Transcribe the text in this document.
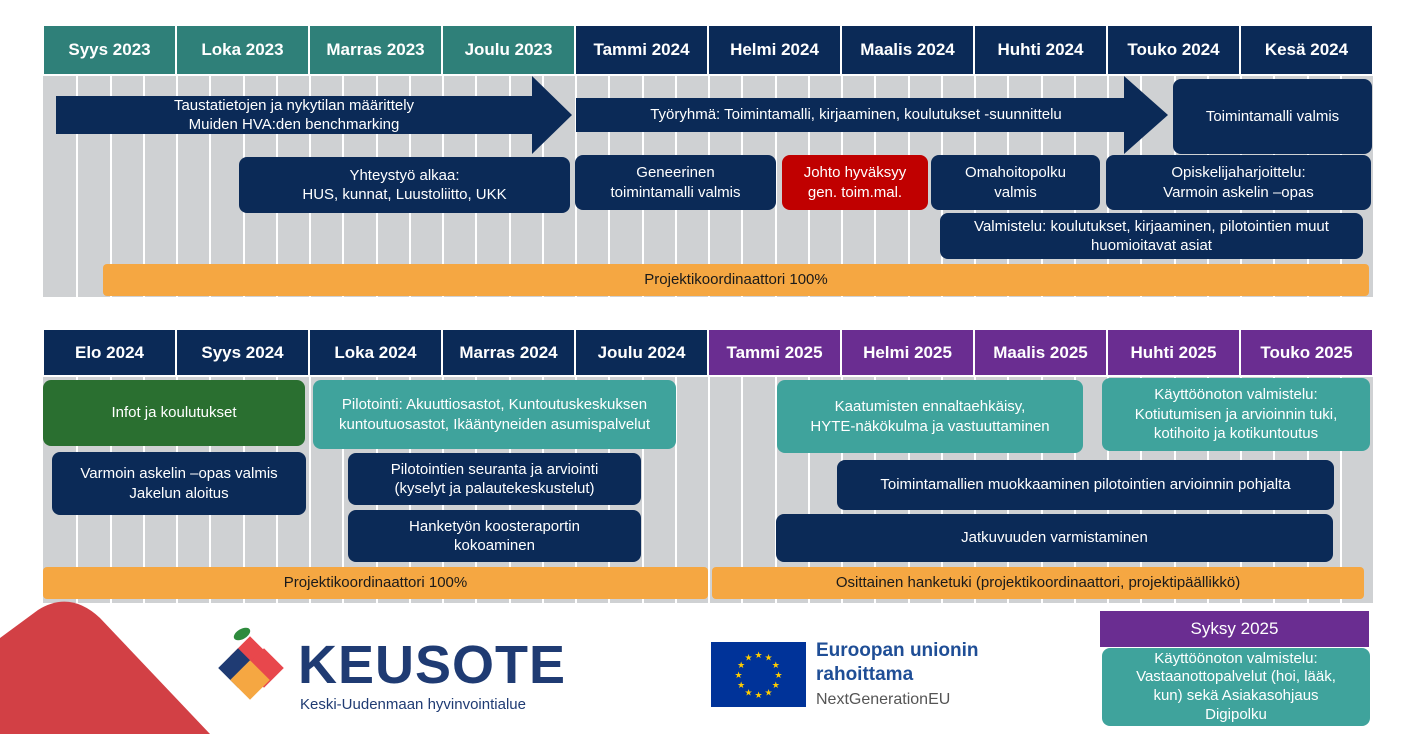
Syys 2023	Loka 2023	Marras 2023	Joulu 2023	Tammi 2024	Helmi 2024	Maalis 2024	Huhti 2024	Touko 2024	Kesä 2024
Taustatietojen ja nykytilan määrittely
Muiden HVA:den benchmarking
Työryhmä: Toimintamalli, kirjaaminen, koulutukset -suunnittelu	Toimintamalli valmis
Yhteystyö alkaa:
HUS, kunnat, Luustoliitto, UKK
Geneerinen
toimintamalli valmis
Johto hyväksyy
gen. toim.mal.
Omahoitopolku
valmis
Opiskelijaharjoittelu:
Varmoin askelin –opas
Valmistelu: koulutukset, kirjaaminen, pilotointien muut
huomioitavat asiat
Projektikoordinaattori 100%
Elo 2024	Syys 2024	Loka 2024	Marras 2024	Joulu 2024	Tammi 2025	Helmi 2025	Maalis 2025	Huhti 2025	Touko 2025
Infot ja koulutukset
Varmoin askelin –opas valmis
Jakelun aloitus
Pilotointi: Akuuttiosastot, Kuntoutuskeskuksen
kuntoutuosastot, Ikääntyneiden asumispalvelut
Pilotointien seuranta ja arviointi
(kyselyt ja palautekeskustelut)
Hanketyön koosteraportin
kokoaminen
Kaatumisten ennaltaehkäisy,
HYTE-näkökulma ja vastuuttaminen
Käyttöönoton valmistelu:
Kotiutumisen ja arvioinnin tuki,
kotihoito ja kotikuntoutus
Toimintamallien muokkaaminen pilotointien arvioinnin pohjalta
Jatkuvuuden varmistaminen
Projektikoordinaattori 100%	Osittainen hanketuki (projektikoordinaattori, projektipäällikkö)
Syksy 2025
Käyttöönoton valmistelu:
Vastaanottopalvelut (hoi, lääk,
kun) sekä Asiakasohjaus
Digipolku
KEUSOTE
Keski-Uudenmaan hyvinvointialue
★ ★
★
★
★
★
★
★
★
★
★
★	Euroopan unionin
rahoittama
NextGenerationEU
